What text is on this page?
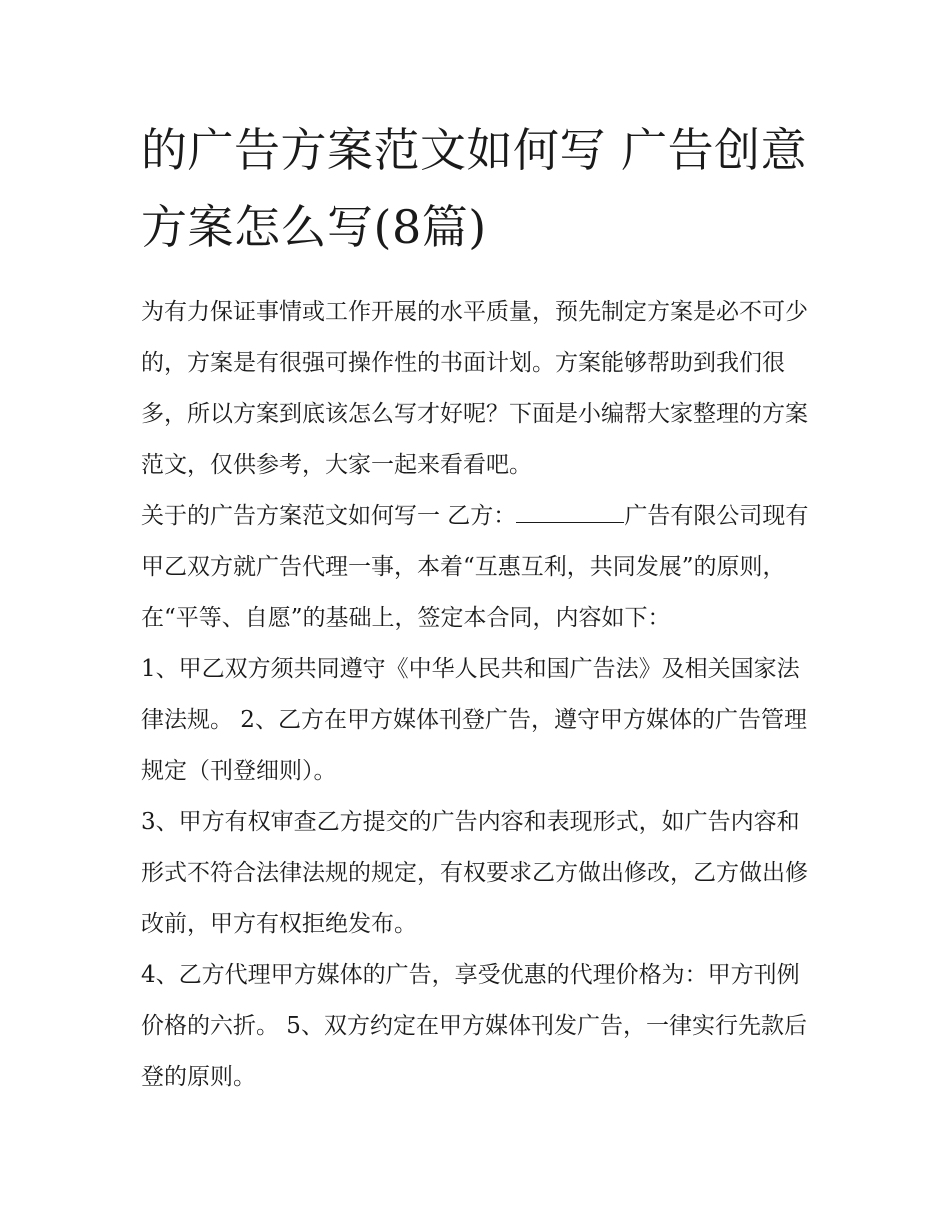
的广告方案范文如何写 广告创意方案怎么写(8篇)

为有力保证事情或工作开展的水平质量，预先制定方案是必不可少的，方案是有很强可操作性的书面计划。方案能够帮助到我们很多，所以方案到底该怎么写才好呢？下面是小编帮大家整理的方案范文，仅供参考，大家一起来看看吧。

关于的广告方案范文如何写一 乙方：	广告有限公司现有甲乙双方就广告代理一事，本着“互惠互利，共同发展”的原则，在“平等、自愿”的基础上，签定本合同，内容如下：

1、甲乙双方须共同遵守《中华人民共和国广告法》及相关国家法律法规。 2、乙方在甲方媒体刊登广告，遵守甲方媒体的广告管理规定（刊登细则）。

3、甲方有权审查乙方提交的广告内容和表现形式，如广告内容和形式不符合法律法规的规定，有权要求乙方做出修改，乙方做出修改前，甲方有权拒绝发布。

4、乙方代理甲方媒体的广告，享受优惠的代理价格为：甲方刊例价格的六折。 5、双方约定在甲方媒体刊发广告，一律实行先款后登的原则。
